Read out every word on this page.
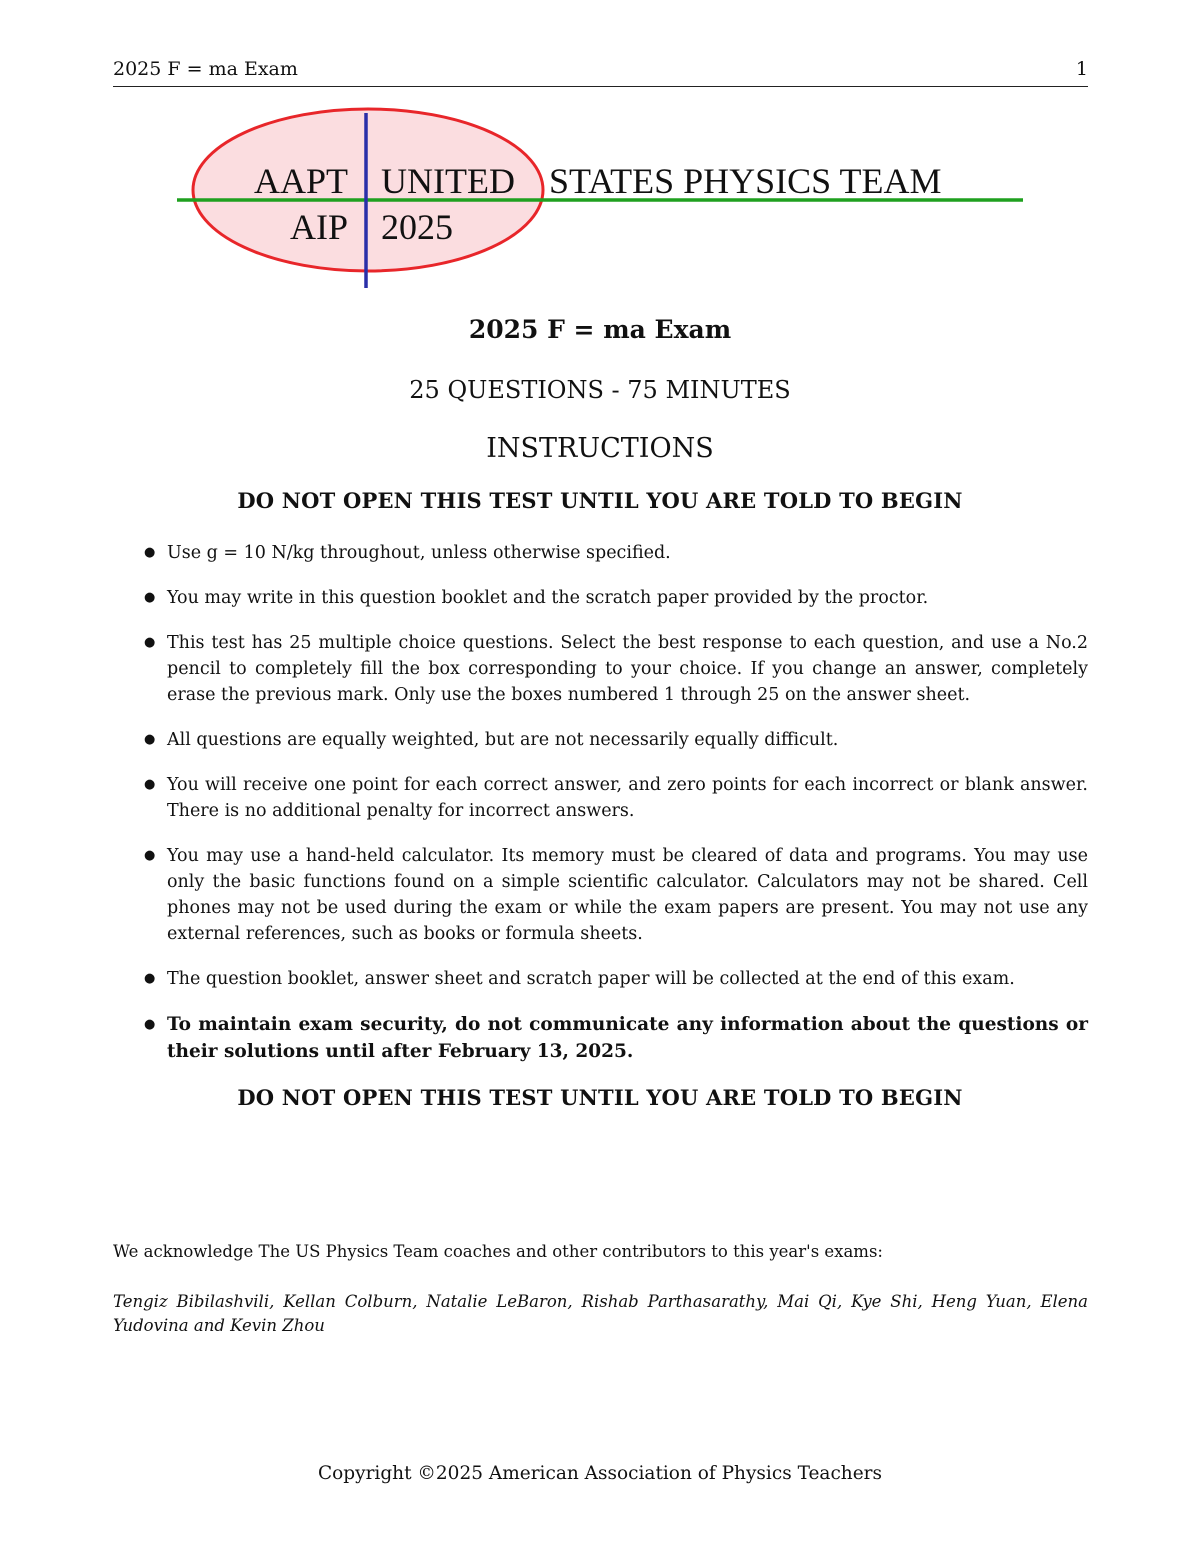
2025 F = ma Exam	1
AAPT UNITED STATES PHYSICS TEAM
AIP 2025
2025 F = ma Exam
25 QUESTIONS - 75 MINUTES
INSTRUCTIONS
DO NOT OPEN THIS TEST UNTIL YOU ARE TOLD TO BEGIN
● Use g = 10 N/kg throughout, unless otherwise specified.
● You may write in this question booklet and the scratch paper provided by the proctor.
● This test has 25 multiple choice questions. Select the best response to each question, and use a No.2 pencil to completely fill the box corresponding to your choice. If you change an answer, completely erase the previous mark. Only use the boxes numbered 1 through 25 on the answer sheet.
● All questions are equally weighted, but are not necessarily equally difficult.
● You will receive one point for each correct answer, and zero points for each incorrect or blank answer. There is no additional penalty for incorrect answers.
● You may use a hand-held calculator. Its memory must be cleared of data and programs. You may use only the basic functions found on a simple scientific calculator. Calculators may not be shared. Cell phones may not be used during the exam or while the exam papers are present. You may not use any external references, such as books or formula sheets.
● The question booklet, answer sheet and scratch paper will be collected at the end of this exam.
● To maintain exam security, do not communicate any information about the questions or their solutions until after February 13, 2025.
DO NOT OPEN THIS TEST UNTIL YOU ARE TOLD TO BEGIN
We acknowledge The US Physics Team coaches and other contributors to this year's exams:
Tengiz Bibilashvili, Kellan Colburn, Natalie LeBaron, Rishab Parthasarathy, Mai Qi, Kye Shi, Heng Yuan, Elena Yudovina and Kevin Zhou
Copyright ©2025 American Association of Physics Teachers
